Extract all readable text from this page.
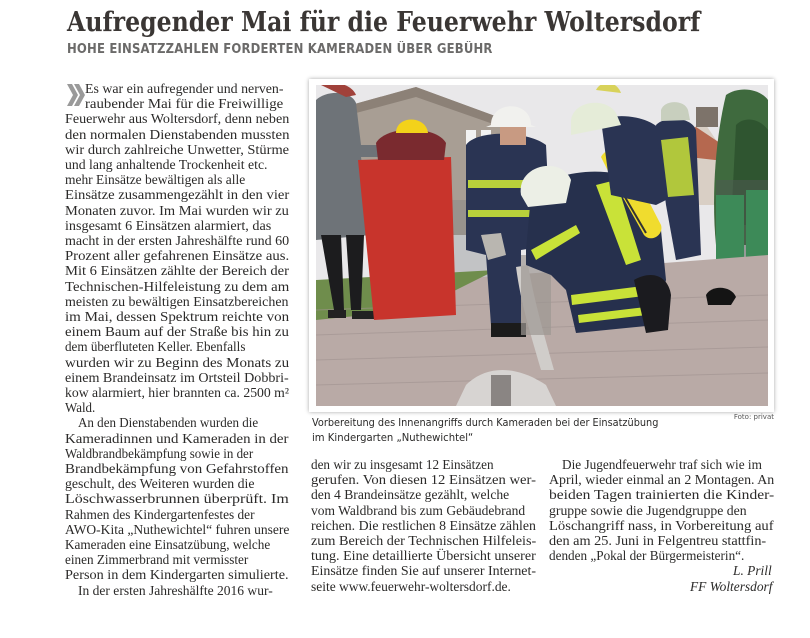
Aufregender Mai für die Feuerwehr Woltersdorf
HOHE EINSATZZAHLEN FORDERTEN KAMERADEN ÜBER GEBÜHR
Es war ein aufregender und nerven-
raubender Mai für die Freiwillige
Feuerwehr aus Woltersdorf, denn neben
den normalen Dienstabenden mussten
wir durch zahlreiche Unwetter, Stürme
und lang anhaltende Trockenheit etc.
mehr Einsätze bewältigen als alle
Einsätze zusammengezählt in den vier
Monaten zuvor. Im Mai wurden wir zu
insgesamt 6 Einsätzen alarmiert, das
macht in der ersten Jahreshälfte rund 60
Prozent aller gefahrenen Einsätze aus.
Mit 6 Einsätzen zählte der Bereich der
Technischen-Hilfeleistung zu dem am
meisten zu bewältigen Einsatzbereichen
im Mai, dessen Spektrum reichte von
einem Baum auf der Straße bis hin zu
dem überfluteten Keller. Ebenfalls
wurden wir zu Beginn des Monats zu
einem Brandeinsatz im Ortsteil Dobbri-
kow alarmiert, hier brannten ca. 2500 m²
Wald.
An den Dienstabenden wurden die
Kameradinnen und Kameraden in der
Waldbrandbekämpfung sowie in der
Brandbekämpfung von Gefahrstoffen
geschult, des Weiteren wurden die
Löschwasserbrunnen überprüft. Im
Rahmen des Kindergartenfestes der
AWO-Kita „Nuthewichtel“ fuhren unsere
Kameraden eine Einsatzübung, welche
einen Zimmerbrand mit vermisster
Person in dem Kindergarten simulierte.
In der ersten Jahreshälfte 2016 wur-
den wir zu insgesamt 12 Einsätzen
gerufen. Von diesen 12 Einsätzen wer-
den 4 Brandeinsätze gezählt, welche
vom Waldbrand bis zum Gebäudebrand
reichen. Die restlichen 8 Einsätze zählen
zum Bereich der Technischen Hilfeleis-
tung. Eine detaillierte Übersicht unserer
Einsätze finden Sie auf unserer Internet-
seite www.feuerwehr-woltersdorf.de.
Die Jugendfeuerwehr traf sich wie im
April, wieder einmal an 2 Montagen. An
beiden Tagen trainierten die Kinder-
gruppe sowie die Jugendgruppe den
Löschangriff nass, in Vorbereitung auf
den am 25. Juni in Felgentreu stattfin-
denden „Pokal der Bürgermeisterin“.
L. Prill
FF Woltersdorf
Foto: privat
Vorbereitung des Innenangriffs durch Kameraden bei der Einsatzübung
im Kindergarten „Nuthewichtel“
